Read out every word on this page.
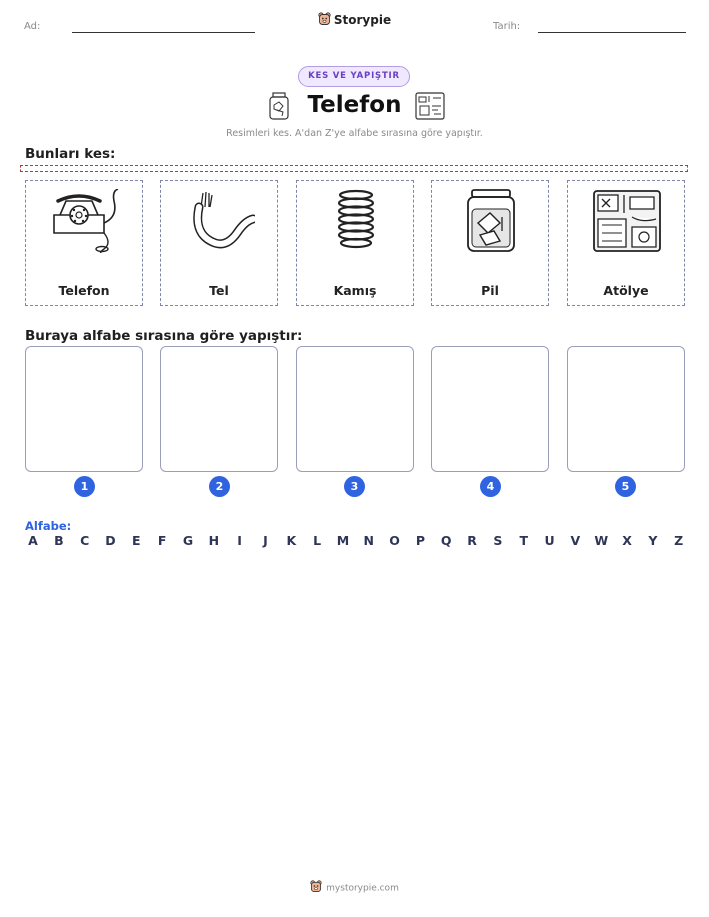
Ad:	Storypie	Tarih:
KES VE YAPIŞTIR
Telefon
Resimleri kes. A'dan Z'ye alfabe sırasına göre yapıştır.
Bunları kes:
Telefon	Tel	Kamış	Pil	Atölye
Buraya alfabe sırasına göre yapıştır:
1	2	3	4	5
Alfabe:
A B C D E F G H	I	J	K L M N O P Q R S T U V W X Y Z
mystorypie.com
